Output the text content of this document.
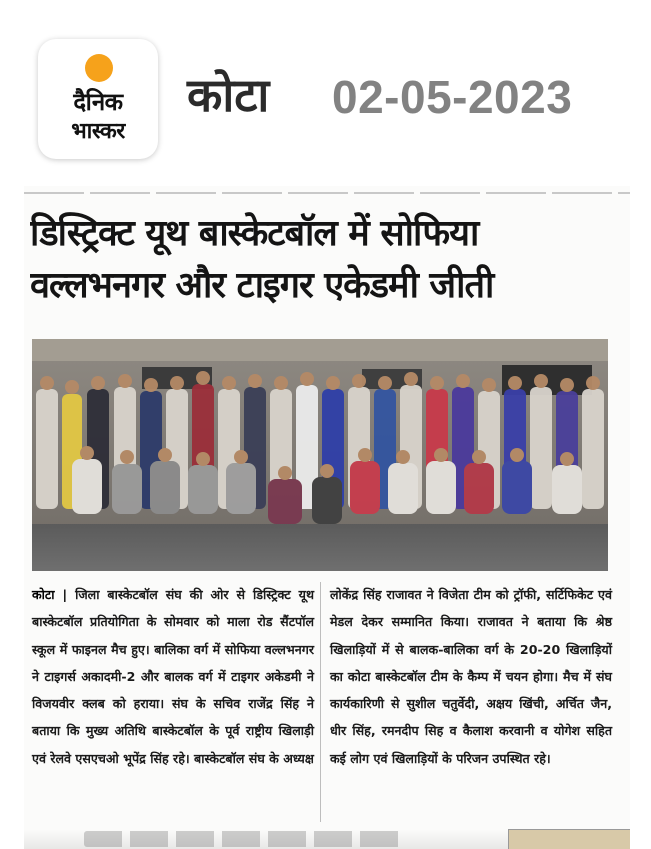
दैनिक
भास्कर
कोटा 02-05-2023
डिस्ट्रिक्ट यूथ बास्केटबॉल में सोफिया
वल्लभनगर और टाइगर एकेडमी जीती
कोटा | जिला बास्केटबॉल संघ की ओर से डिस्ट्रिक्ट यूथ बास्केटबॉल प्रतियोगिता के सोमवार को माला रोड सैंटपॉल स्कूल में फाइनल मैच हुए। बालिका वर्ग में सोफिया वल्लभनगर ने टाइगर्स अकादमी-2 और बालक वर्ग में टाइगर अकेडमी ने विजयवीर क्लब को हराया। संघ के सचिव राजेंद्र सिंह ने बताया कि मुख्य अतिथि बास्केटबॉल के पूर्व राष्ट्रीय खिलाड़ी एवं रेलवे एसएचओ भूपेंद्र सिंह रहे। बास्केटबॉल संघ के अध्यक्ष
लोकेंद्र सिंह राजावत ने विजेता टीम को ट्रॉफी, सर्टिफिकेट एवं मेडल देकर सम्मानित किया। राजावत ने बताया कि श्रेष्ठ खिलाड़ियों में से बालक-बालिका वर्ग के 20-20 खिलाड़ियों का कोटा बास्केटबॉल टीम के कैम्प में चयन होगा। मैच में संघ कार्यकारिणी से सुशील चतुर्वेदी, अक्षय खिंची, अर्चित जैन, धीर सिंह, रमनदीप सिह व कैलाश करवानी व योगेश सहित कई लोग एवं खिलाड़ियों के परिजन उपस्थित रहे।
